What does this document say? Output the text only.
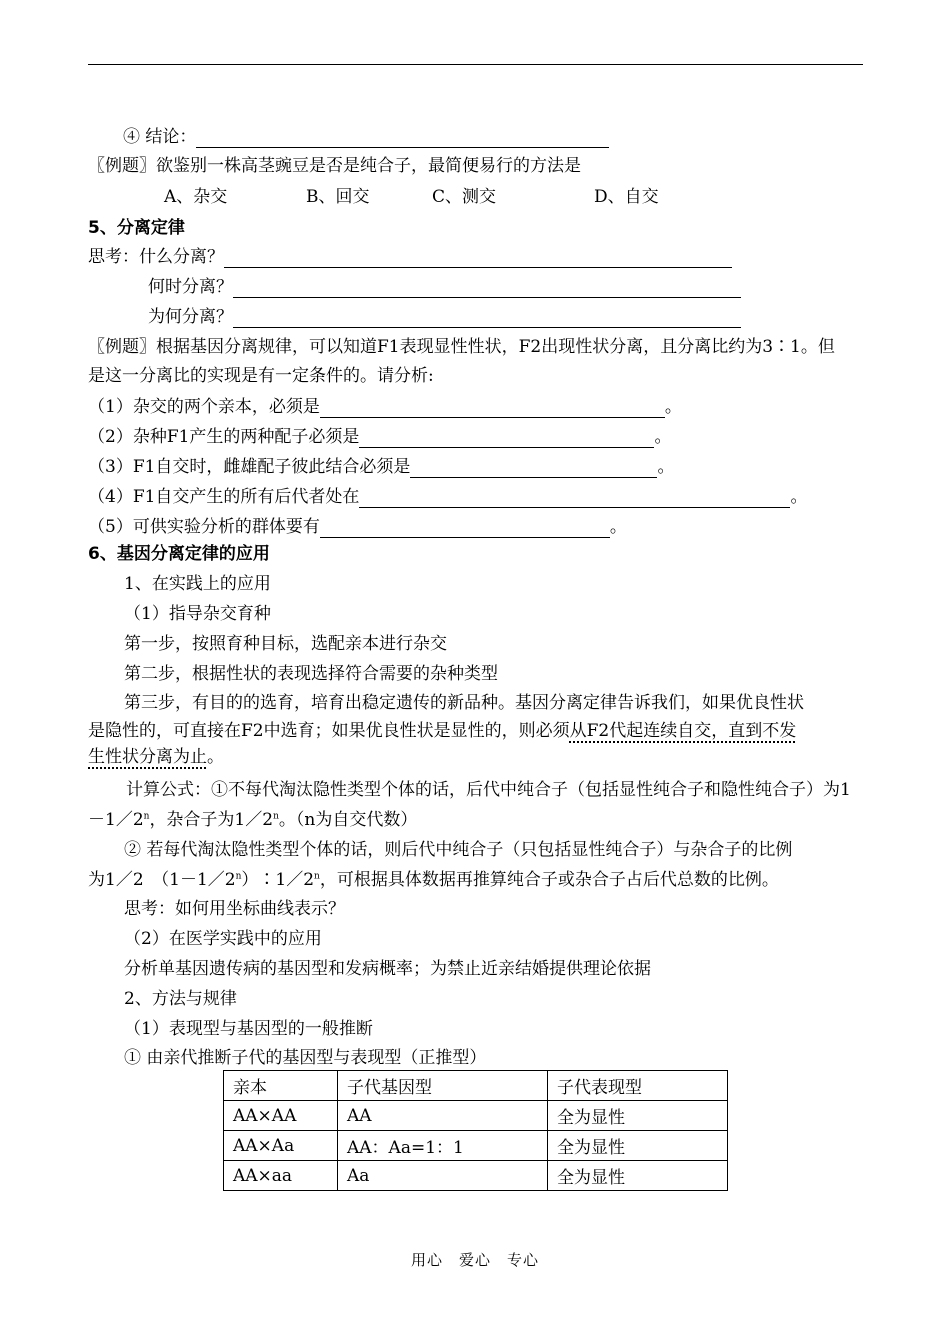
④ 结论：
〖例题〗欲鉴别一株高茎豌豆是否是纯合子，最简便易行的方法是
A、杂交	B、回交	C、测交	D、自交
5、分离定律
思考：什么分离？
何时分离？
为何分离？
〖例题〗根据基因分离规律，可以知道F1表现显性性状，F2出现性状分离，且分离比约为3∶1。但
是这一分离比的实现是有一定条件的。请分析:
（1）杂交的两个亲本，必须是	。
（2）杂种F1产生的两种配子必须是	。
（3）F1自交时，雌雄配子彼此结合必须是	。
（4）F1自交产生的所有后代者处在	。
（5）可供实验分析的群体要有	。
6、基因分离定律的应用
1、在实践上的应用
（1）指导杂交育种
第一步，按照育种目标，选配亲本进行杂交
第二步，根据性状的表现选择符合需要的杂种类型
第三步，有目的的选育，培育出稳定遗传的新品种。基因分离定律告诉我们，如果优良性状
是隐性的，可直接在F2中选育；如果优良性状是显性的，则必须从F2代起连续自交，直到不发
生性状分离为止。
计算公式：①不每代淘汰隐性类型个体的话，后代中纯合子（包括显性纯合子和隐性纯合子）为1
$-1/2^n$，杂合子为1／2$^n$。（n为自交代数）
② 若每代淘汰隐性类型个体的话，则后代中纯合子（只包括显性纯合子）与杂合子的比例
为1／2　$(1-1/2^n)∶1/2^n$，可根据具体数据再推算纯合子或杂合子占后代总数的比例。
思考：如何用坐标曲线表示？
（2）在医学实践中的应用
分析单基因遗传病的基因型和发病概率；为禁止近亲结婚提供理论依据
2、方法与规律
（1）表现型与基因型的一般推断
① 由亲代推断子代的基因型与表现型（正推型）
亲本	子代基因型	子代表现型
AA×AA	AA	全为显性
AA×Aa	AA：Aa=1：1	全为显性
AA×aa	Aa	全为显性
用心　爱心　专心
